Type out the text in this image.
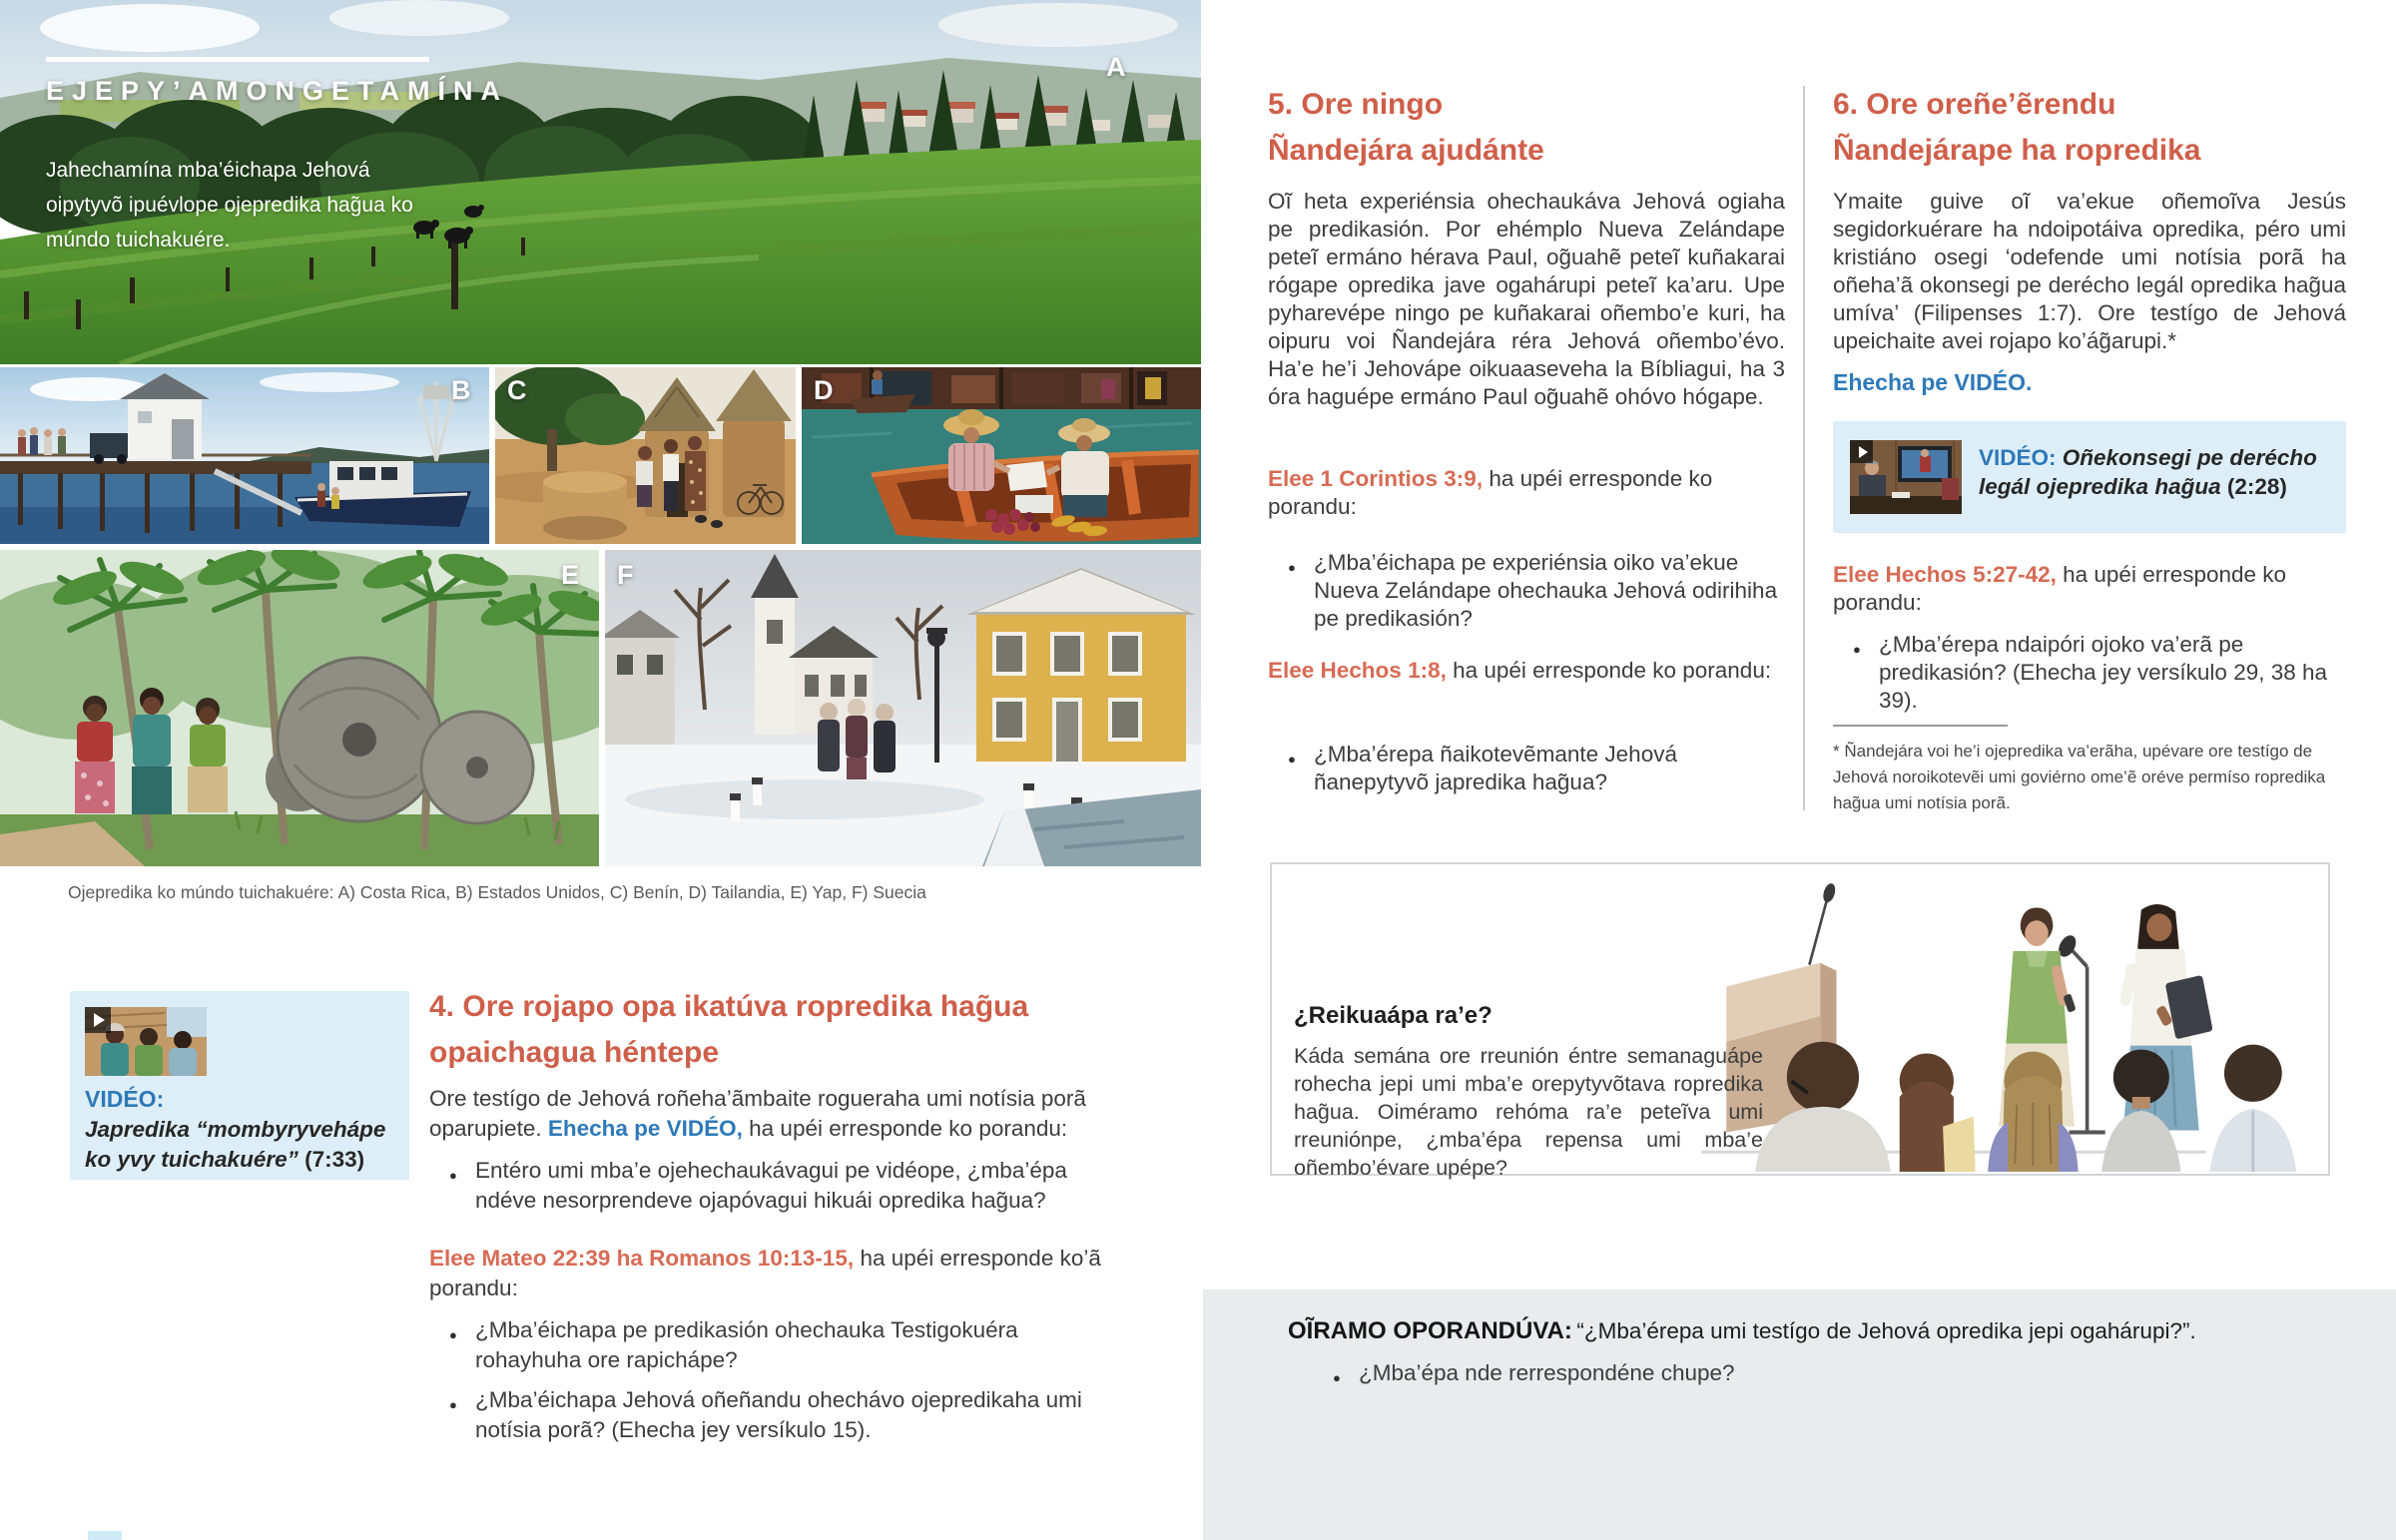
A
EJEPY’AMONGETAMÍNA
Jahechamína mba’éichapa Jehová oipytyvõ ipuévlope ojepredika hag̃ua ko múndo tuichakuére.
B C	D
E F
Ojepredika ko múndo tuichakuére: A) Costa Rica, B) Estados Unidos, C) Benín, D) Tailandia, E) Yap, F) Suecia
VIDÉO:
Japredika “mombyryvehápe ko yvy tuichakuére” (7:33)
4. Ore rojapo opa ikatúva ropredika hag̃ua opaichagua héntepe

Ore testígo de Jehová roñeha’ãmbaite rogueraha umi notísia porã oparupiete. Ehecha pe VIDÉO, ha upéi erresponde ko porandu:

● Entéro umi mba’e ojehechaukávagui pe vidéope, ¿mba’épa ndéve nesorprendeve ojapóvagui hikuái opredika hag̃ua?

Elee Mateo 22:39 ha Romanos 10:13-15, ha upéi erresponde ko’ã porandu:

● ¿Mba’éichapa pe predikasión ohechauka Testigokuéra rohayhuha ore rapichápe?
● ¿Mba’éichapa Jehová oñeñandu ohechávo ojepredikaha umi notísia porã? (Ehecha jey versíkulo 15).
5. Ore ningo
Ñandejára ajudánte

Oĩ heta experiénsia ohechaukáva Jehová ogiaha pe predikasión. Por ehémplo Nueva Zelándape peteĩ ermáno hérava Paul, og̃uahẽ peteĩ kuñakarai rógape opredika jave ogahárupi peteĩ ka’aru. Upe pyharevépe ningo pe kuñakarai oñembo’e kuri, ha oipuru voi Ñandejára réra Jehová oñembo’évo. Ha’e he’i Jehovápe oikuaaseveha la Bíbliagui, ha 3 óra haguépe ermáno Paul og̃uahẽ ohóvo hógape.

Elee 1 Corintios 3:9, ha upéi erresponde ko porandu:

● ¿Mba’éichapa pe experiénsia oiko va’ekue Nueva Zelándape ohechauka Jehová odirihiha pe predikasión?

Elee Hechos 1:8, ha upéi erresponde ko porandu:

● ¿Mba’érepa ñaikotevẽmante Jehová ñanepytyvõ japredika hag̃ua?
6. Ore oreñe’ẽrendu
Ñandejárape ha ropredika

Ymaite guive oĩ va’ekue oñemoĩva Jesús segidorkuérare ha ndoipotáiva opredika, péro umi kristiáno osegi ‘odefende umi notísia porã ha oñeha’ã okonsegi pe derécho legál opredika hag̃ua umíva’ (Filipenses 1:7). Ore testígo de Jehová upeichaite avei rojapo ko’ág̃arupi.*

Ehecha pe VIDÉO.
VIDÉO: Oñekonsegi pe derécho legál ojepredika hag̃ua (2:28)

Elee Hechos 5:27-42, ha upéi erresponde ko porandu:

● ¿Mba’érepa ndaipóri ojoko va’erã pe predikasión? (Ehecha jey versíkulo 29, 38 ha 39).
* Ñandejára voi he’i ojepredika va’erãha, upévare ore testígo de Jehová noroikotevẽi umi goviérno ome’ẽ oréve permíso ropredika hag̃ua umi notísia porã.
¿Reikuaápa ra’e?

Káda semána ore rreunión éntre semanaguápe rohecha jepi umi mba’e orepytyvõtava ropredika hag̃ua. Oiméramo rehóma ra’e peteĩva umi rreuniónpe, ¿mba’épa repensa umi mba’e oñembo’évare upépe?

OĨRAMO OPORANDÚVA: “¿Mba’érepa umi testígo de Jehová opredika jepi ogahárupi?”.
● ¿Mba’épa nde rerrespondéne chupe?
